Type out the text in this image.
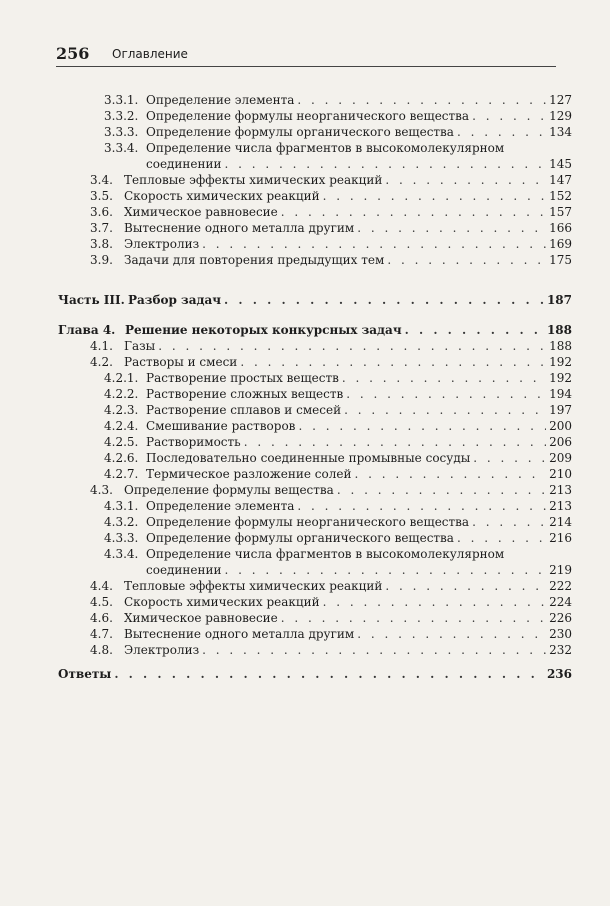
256 Оглавление
3.3.1. Определение элемента . . .	127
3.3.2. Определение формулы неорганического вещества . . .	129
3.3.3. Определение формулы органического вещества . . .	134
3.3.4. Определение числа фрагментов в высокомолекулярном
соединении . . .	145
3.4. Тепловые эффекты химических реакций . . .	147
3.5. Скорость химических реакций . . .	152
3.6. Химическое равновесие . . .	157
3.7. Вытеснение одного металла другим . . .	166
3.8. Электролиз . . .	169
3.9. Задачи для повторения предыдущих тем . . .	175
Часть III. Разбор задач . . .	187
Глава 4. Решение некоторых конкурсных задач . . .	188
4.1. Газы . . .	188
4.2. Растворы и смеси . . .	192
4.2.1. Растворение простых веществ . . .	192
4.2.2. Растворение сложных веществ . . .	194
4.2.3. Растворение сплавов и смесей . . .	197
4.2.4. Смешивание растворов . . .	200
4.2.5. Растворимость . . .	206
4.2.6. Последовательно соединенные промывные сосуды . . .	209
4.2.7. Термическое разложение солей . . .	210
4.3. Определение формулы вещества . . .	213
4.3.1. Определение элемента . . .	213
4.3.2. Определение формулы неорганического вещества . . .	214
4.3.3. Определение формулы органического вещества . . .	216
4.3.4. Определение числа фрагментов в высокомолекулярном
соединении . . .	219
4.4. Тепловые эффекты химических реакций . . .	222
4.5. Скорость химических реакций . . .	224
4.6. Химическое равновесие . . .	226
4.7. Вытеснение одного металла другим . . .	230
4.8. Электролиз . . .	232
Ответы . . .	236
